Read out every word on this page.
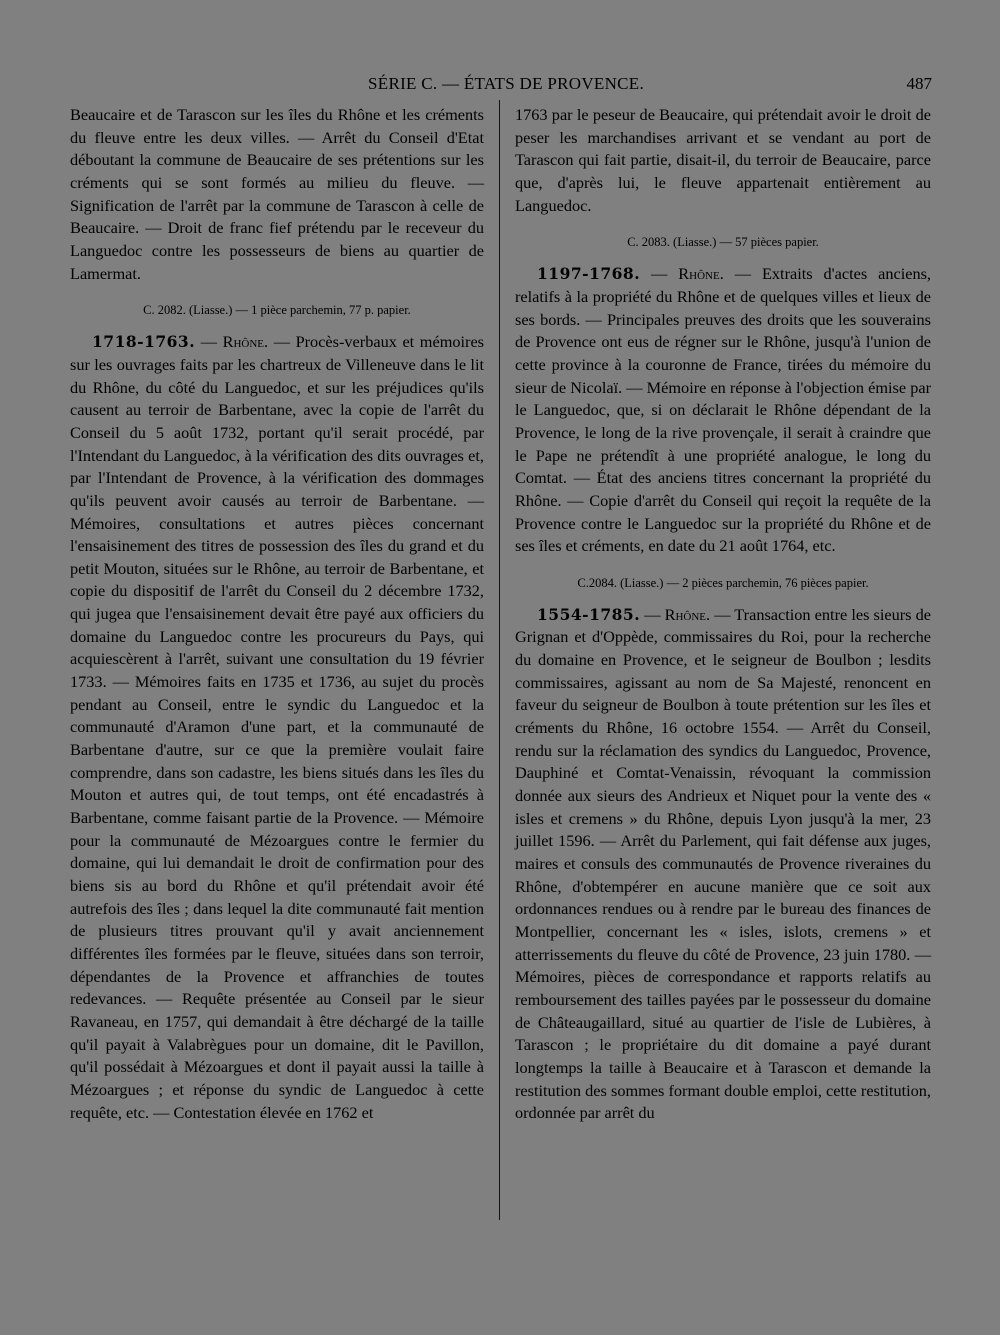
SÉRIE C. — ÉTATS DE PROVENCE.	487

Beaucaire et de Tarascon sur les îles du Rhône et les créments du fleuve entre les deux villes. — Arrêt du Conseil d'Etat déboutant la commune de Beaucaire de ses prétentions sur les créments qui se sont formés au milieu du fleuve. — Signification de l'arrêt par la commune de Tarascon à celle de Beaucaire. — Droit de franc fief prétendu par le receveur du Languedoc contre les possesseurs de biens au quartier de Lamermat.

C. 2082. (Liasse.) — 1 pièce parchemin, 77 p. papier.

1718-1763. — Rhône. — Procès-verbaux et mémoires sur les ouvrages faits par les chartreux de Villeneuve dans le lit du Rhône, du côté du Languedoc, et sur les préjudices qu'ils causent au terroir de Barbentane, avec la copie de l'arrêt du Conseil du 5 août 1732, portant qu'il serait procédé, par l'Intendant du Languedoc, à la vérification des dits ouvrages et, par l'Intendant de Provence, à la vérification des dommages qu'ils peuvent avoir causés au terroir de Barbentane. — Mémoires, consultations et autres pièces concernant l'ensaisinement des titres de possession des îles du grand et du petit Mouton, situées sur le Rhône, au terroir de Barbentane, et copie du dispositif de l'arrêt du Conseil du 2 décembre 1732, qui jugea que l'ensaisinement devait être payé aux officiers du domaine du Languedoc contre les procureurs du Pays, qui acquiescèrent à l'arrêt, suivant une consultation du 19 février 1733. — Mémoires faits en 1735 et 1736, au sujet du procès pendant au Conseil, entre le syndic du Languedoc et la communauté d'Aramon d'une part, et la communauté de Barbentane d'autre, sur ce que la première voulait faire comprendre, dans son cadastre, les biens situés dans les îles du Mouton et autres qui, de tout temps, ont été encadastrés à Barbentane, comme faisant partie de la Provence. — Mémoire pour la communauté de Mézoargues contre le fermier du domaine, qui lui demandait le droit de confirmation pour des biens sis au bord du Rhône et qu'il prétendait avoir été autrefois des îles ; dans lequel la dite communauté fait mention de plusieurs titres prouvant qu'il y avait anciennement différentes îles formées par le fleuve, situées dans son terroir, dépendantes de la Provence et affranchies de toutes redevances. — Requête présentée au Conseil par le sieur Ravaneau, en 1757, qui demandait à être déchargé de la taille qu'il payait à Valabrègues pour un domaine, dit le Pavillon, qu'il possédait à Mézoargues et dont il payait aussi la taille à Mézoargues ; et réponse du syndic de Languedoc à cette requête, etc. — Contestation élevée en 1762 et

1763 par le peseur de Beaucaire, qui prétendait avoir le droit de peser les marchandises arrivant et se vendant au port de Tarascon qui fait partie, disait-il, du terroir de Beaucaire, parce que, d'après lui, le fleuve appartenait entièrement au Languedoc.

C. 2083. (Liasse.) — 57 pièces papier.

1197-1768. — Rhône. — Extraits d'actes anciens, relatifs à la propriété du Rhône et de quelques villes et lieux de ses bords. — Principales preuves des droits que les souverains de Provence ont eus de régner sur le Rhône, jusqu'à l'union de cette province à la couronne de France, tirées du mémoire du sieur de Nicolaï. — Mémoire en réponse à l'objection émise par le Languedoc, que, si on déclarait le Rhône dépendant de la Provence, le long de la rive provençale, il serait à craindre que le Pape ne prétendît à une propriété analogue, le long du Comtat. — État des anciens titres concernant la propriété du Rhône. — Copie d'arrêt du Conseil qui reçoit la requête de la Provence contre le Languedoc sur la propriété du Rhône et de ses îles et créments, en date du 21 août 1764, etc.

C.2084. (Liasse.) — 2 pièces parchemin, 76 pièces papier.

1554-1785. — Rhône. — Transaction entre les sieurs de Grignan et d'Oppède, commissaires du Roi, pour la recherche du domaine en Provence, et le seigneur de Boulbon ; lesdits commissaires, agissant au nom de Sa Majesté, renoncent en faveur du seigneur de Boulbon à toute prétention sur les îles et créments du Rhône, 16 octobre 1554. — Arrêt du Conseil, rendu sur la réclamation des syndics du Languedoc, Provence, Dauphiné et Comtat-Venaissin, révoquant la commission donnée aux sieurs des Andrieux et Niquet pour la vente des « isles et cremens » du Rhône, depuis Lyon jusqu'à la mer, 23 juillet 1596. — Arrêt du Parlement, qui fait défense aux juges, maires et consuls des communautés de Provence riveraines du Rhône, d'obtempérer en aucune manière que ce soit aux ordonnances rendues ou à rendre par le bureau des finances de Montpellier, concernant les « isles, islots, cremens » et atterrissements du fleuve du côté de Provence, 23 juin 1780. — Mémoires, pièces de correspondance et rapports relatifs au remboursement des tailles payées par le possesseur du domaine de Châteaugaillard, situé au quartier de l'isle de Lubières, à Tarascon ; le propriétaire du dit domaine a payé durant longtemps la taille à Beaucaire et à Tarascon et demande la restitution des sommes formant double emploi, cette restitution, ordonnée par arrêt du
